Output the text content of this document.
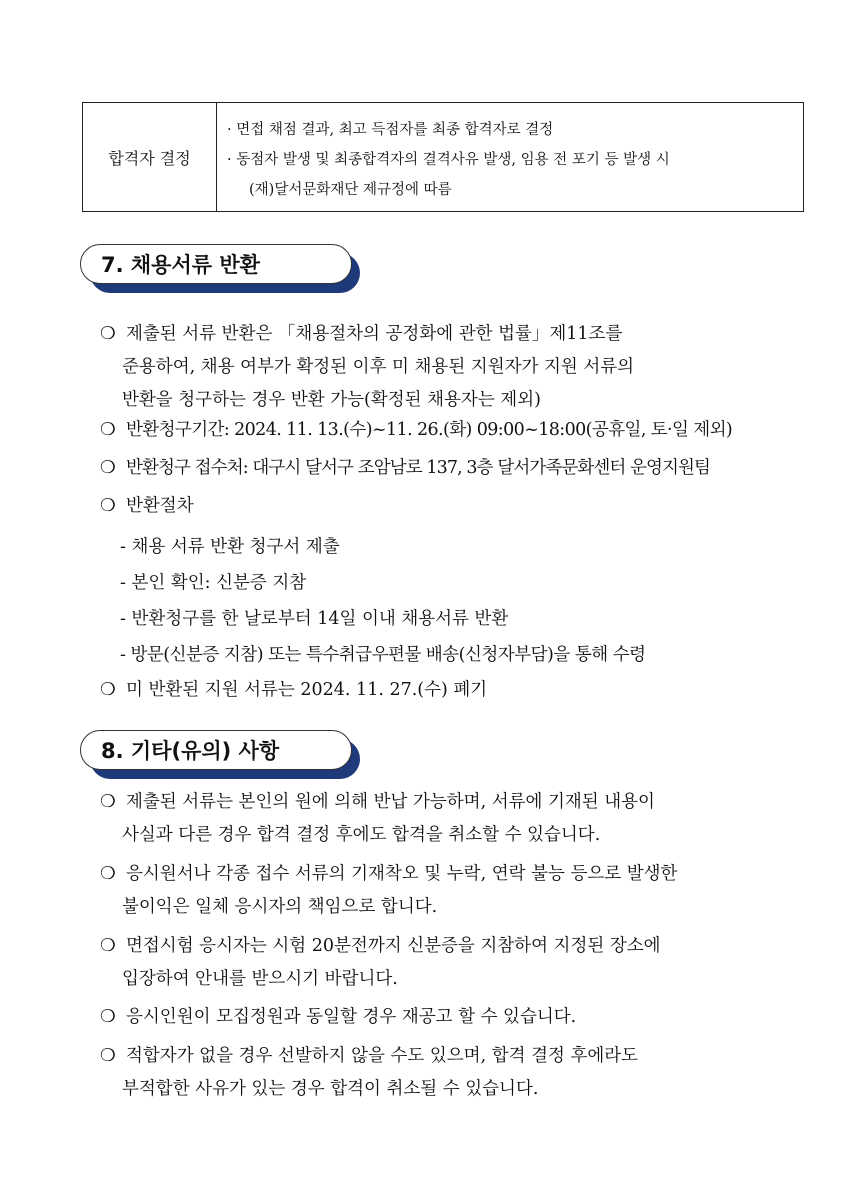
합격자 결정
· 면접 채점 결과, 최고 득점자를 최종 합격자로 결정
· 동점자 발생 및 최종합격자의 결격사유 발생, 임용 전 포기 등 발생 시
(재)달서문화재단 제규정에 따름
7. 채용서류 반환
❍ 제출된 서류 반환은 「채용절차의 공정화에 관한 법률」제11조를
준용하여, 채용 여부가 확정된 이후 미 채용된 지원자가 지원 서류의
반환을 청구하는 경우 반환 가능(확정된 채용자는 제외)
❍ 반환청구기간: 2024. 11. 13.(수)~11. 26.(화) 09:00~18:00(공휴일, 토·일 제외)
❍ 반환청구 접수처: 대구시 달서구 조암남로 137, 3층 달서가족문화센터 운영지원팀
❍ 반환절차
- 채용 서류 반환 청구서 제출
- 본인 확인: 신분증 지참
- 반환청구를 한 날로부터 14일 이내 채용서류 반환
- 방문(신분증 지참) 또는 특수취급우편물 배송(신청자부담)을 통해 수령
❍ 미 반환된 지원 서류는 2024. 11. 27.(수) 폐기
8. 기타(유의) 사항
❍ 제출된 서류는 본인의 원에 의해 반납 가능하며, 서류에 기재된 내용이
사실과 다른 경우 합격 결정 후에도 합격을 취소할 수 있습니다.
❍ 응시원서나 각종 접수 서류의 기재착오 및 누락, 연락 불능 등으로 발생한
불이익은 일체 응시자의 책임으로 합니다.
❍ 면접시험 응시자는 시험 20분전까지 신분증을 지참하여 지정된 장소에
입장하여 안내를 받으시기 바랍니다.
❍ 응시인원이 모집정원과 동일할 경우 재공고 할 수 있습니다.
❍ 적합자가 없을 경우 선발하지 않을 수도 있으며, 합격 결정 후에라도
부적합한 사유가 있는 경우 합격이 취소될 수 있습니다.
